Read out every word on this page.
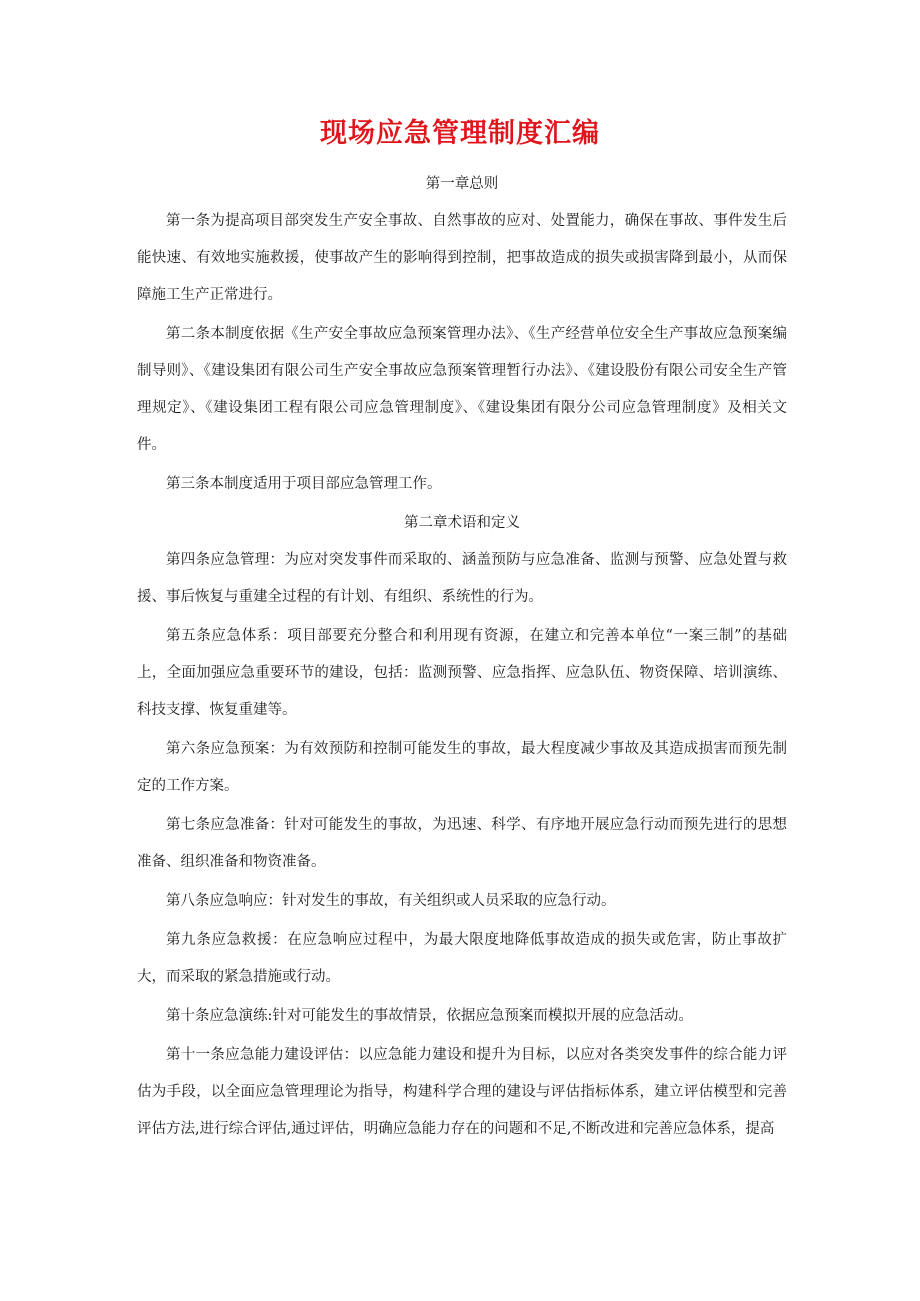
现场应急管理制度汇编

第一章总则

第一条为提高项目部突发生产安全事故、自然事故的应对、处置能力，确保在事故、事件发生后能快速、有效地实施救援，使事故产生的影响得到控制，把事故造成的损失或损害降到最小，从而保障施工生产正常进行。

第二条本制度依据《生产安全事故应急预案管理办法》、《生产经营单位安全生产事故应急预案编制导则》、《建设集团有限公司生产安全事故应急预案管理暂行办法》、《建设股份有限公司安全生产管理规定》、《建设集团工程有限公司应急管理制度》、《建设集团有限分公司应急管理制度》及相关文件。

第三条本制度适用于项目部应急管理工作。

第二章术语和定义

第四条应急管理：为应对突发事件而采取的、涵盖预防与应急准备、监测与预警、应急处置与救援、事后恢复与重建全过程的有计划、有组织、系统性的行为。

第五条应急体系：项目部要充分整合和利用现有资源，在建立和完善本单位“一案三制”的基础上，全面加强应急重要环节的建设，包括：监测预警、应急指挥、应急队伍、物资保障、培训演练、科技支撑、恢复重建等。

第六条应急预案：为有效预防和控制可能发生的事故，最大程度减少事故及其造成损害而预先制定的工作方案。

第七条应急准备：针对可能发生的事故，为迅速、科学、有序地开展应急行动而预先进行的思想准备、组织准备和物资准备。

第八条应急响应：针对发生的事故，有关组织或人员采取的应急行动。

第九条应急救援：在应急响应过程中，为最大限度地降低事故造成的损失或危害，防止事故扩大，而采取的紧急措施或行动。

第十条应急演练:针对可能发生的事故情景，依据应急预案而模拟开展的应急活动。

第十一条应急能力建设评估：以应急能力建设和提升为目标，以应对各类突发事件的综合能力评估为手段，以全面应急管理理论为指导，构建科学合理的建设与评估指标体系，建立评估模型和完善评估方法,进行综合评估,通过评估，明确应急能力存在的问题和不足,不断改进和完善应急体系，提高
